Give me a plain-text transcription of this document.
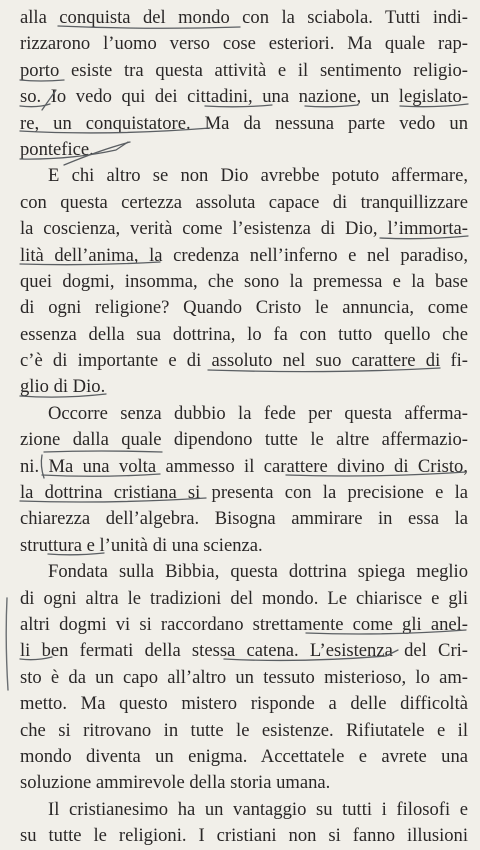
alla conquista del mondo con la sciabola. Tutti indi-
rizzarono l’uomo verso cose esteriori. Ma quale rap-
porto esiste tra questa attività e il sentimento religio-
so. Io vedo qui dei cittadini, una nazione, un legislato-
re, un conquistatore. Ma da nessuna parte vedo un
pontefice.
E chi altro se non Dio avrebbe potuto affermare,
con questa certezza assoluta capace di tranquillizzare
la coscienza, verità come l’esistenza di Dio, l’immorta-
lità dell’anima, la credenza nell’inferno e nel paradiso,
quei dogmi, insomma, che sono la premessa e la base
di ogni religione? Quando Cristo le annuncia, come
essenza della sua dottrina, lo fa con tutto quello che
c’è di importante e di assoluto nel suo carattere di fi-
glio di Dio.
Occorre senza dubbio la fede per questa afferma-
zione dalla quale dipendono tutte le altre affermazio-
ni. Ma una volta ammesso il carattere divino di Cristo,
la dottrina cristiana si presenta con la precisione e la
chiarezza dell’algebra. Bisogna ammirare in essa la
struttura e l’unità di una scienza.
Fondata sulla Bibbia, questa dottrina spiega meglio
di ogni altra le tradizioni del mondo. Le chiarisce e gli
altri dogmi vi si raccordano strettamente come gli anel-
li ben fermati della stessa catena. L’esistenza del Cri-
sto è da un capo all’altro un tessuto misterioso, lo am-
metto. Ma questo mistero risponde a delle difficoltà
che si ritrovano in tutte le esistenze. Rifiutatele e il
mondo diventa un enigma. Accettatele e avrete una
soluzione ammirevole della storia umana.
Il cristianesimo ha un vantaggio su tutti i filosofi e
su tutte le religioni. I cristiani non si fanno illusioni
